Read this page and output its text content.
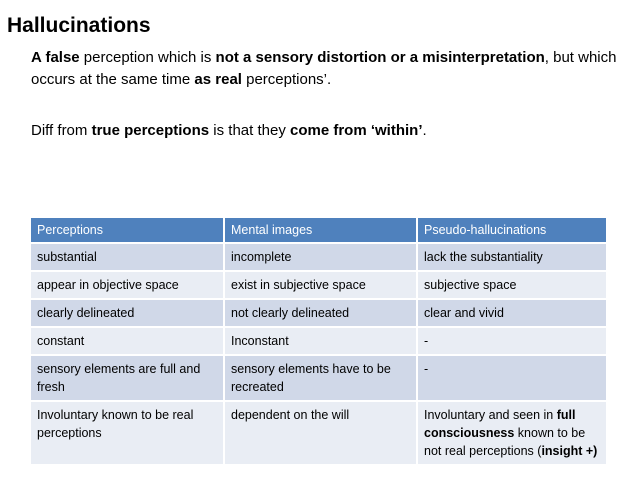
Hallucinations
A false perception which is not a sensory distortion or a misinterpretation, but which occurs at the same time as real perceptions’.
Diff from true perceptions is that they come from ‘within’.
Perceptions	Mental images	Pseudo-hallucinations
substantial	incomplete	lack the substantiality
appear in objective space	exist in subjective space	subjective space
clearly delineated	not clearly delineated	clear and vivid
constant	Inconstant	-
sensory elements are full and fresh	sensory elements have to be recreated	-
Involuntary known to be real perceptions	dependent on the will	Involuntary and seen in full consciousness known to be not real perceptions (insight +)
